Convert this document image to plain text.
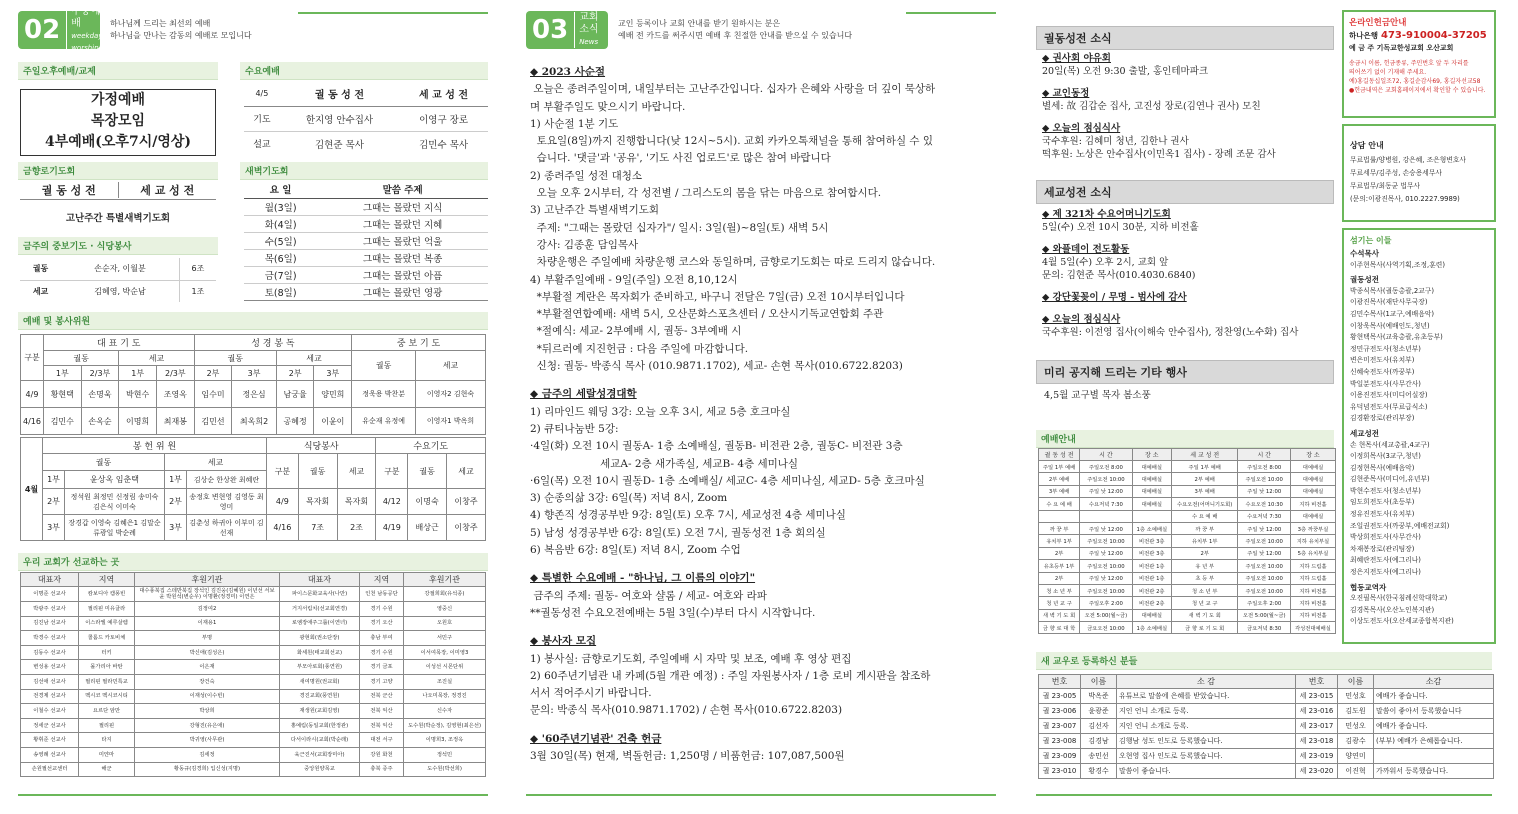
02
주중예배
weekday worship
하나님께 드리는 최선의 예배
하나님을 만나는 감동의 예배로 모입니다
주일오후예배/교제
가정예배
목장모임
4부예배(오후7시/영상)
금향로기도회
궐 동 성 전	세 교 성 전
고난주간 특별새벽기도회
금주의 중보기도 · 식당봉사
궐동	손순자, 이월분	6조
세교	김혜영, 박순남	1조
수요예배
4/5	궐 동 성 전	세 교 성 전
기도	한지영 안수집사	이영구 장로
설교	김현준 목사	김민수 목사
새벽기도회
요 일	말씀 주제
월(3일)	그때는 몰랐던 지식
화(4일)	그때는 몰랐던 지혜
수(5일)	그때는 몰랐던 억울
목(6일)	그때는 몰랐던 복종
금(7일)	그때는 몰랐던 아픔
토(8일)	그때는 몰랐던 영광
예배 및 봉사위원
구분	대 표 기 도				성 경 봉 독				중 보 기 도	
	궐동		세교		궐동		세교		궐동	세교
	1부	2/3부	1부	2/3부	2부	3부	2부	3부		
4/9	황현택	손명욱	박현수	조영옥	임수미	정은심	남궁율	양민희	정욱용 박찬분	이영자2 김현숙
4/16	김민수	손옥순	이명희	최재봉	김민선	최옥희2	공혜정	이윤이	유순재 유정예	이영자1 박옥희
4월	봉 헌 위 원				식당봉사			수요기도		
	궐동		세교		구분	궐동	세교	구분	궐동	세교
	1부	윤상옥 임춘택	1부	김상순 한상완 최혜란						
	2부	정석원 최정민 신정림 송미숙 김은식 이미숙	2부	송정호 변현영 김영동 최영미	4/9	목자회	목자회	4/12	이명숙	이창주
	3부	장경갑 이영숙 김혜은1 김말순 류광일 박순례	3부	김춘성 하귀아 이부미 김선재	4/16	7조	2조	4/19	배상근	이창주
우리 교회가 선교하는 곳
대표자	지역	후원기관	대표자	지역	후원기관
이명준 선교사	캄보디아 캠퐁빈	대수풍북집 스데반북집 장석인 김진웅(김혜원) 이년선 서보윤 박원석(변순우) 이명환(정경미) 이연은	파이스문화교육사(나만)	인천 남동공단	강절희회(유석종)
박광주 선교사	필리핀 미유클라	김정여2	거지서림치(선교회연경)	경기 수원	영중신
김진남 선교사	이스라엘 예루살렘	이재용1	로엠장애주그룹(이연녀)	경기 오산	오원호
박경수 선교사	콜롬드 카토비체	부명	광현회(권소단장)	충남 부여	서민구
김동수 선교사	터키	박신애(김성은)	화세원(태교회선교)	경기 수원	이서여목장, 이미영3
변성용 선교사	몰가리아 바탄	이은재	부모아로회(풍연원)	경기 금포	이성선 시몬단위
김선애 선교사	필리핀 필라민특교	장건숙	새여명원(권교회)	경기 고양	조진실
전경제 선교사	멕시코 멕시코시티	이재성(이수빈)	경진교회(풍연원)	전북 군산	나오미목장, 정경진
이철수 선교사	요르단 암만	박상희	재생원(교회김영)	전북 익산	신수자
정세군 선교사	필리핀	강형진(유은애)	홍예림(동일교회(한정관)	전북 익산	도수원(박순정), 김영현(최은선)
황휘준 선교사	타지	박귀영(사무관)	다서이라시(교회(박순래)	대전 서구	이명희3, 조정옥
송영례 선교사	미얀마	김세정	육근진서(교회장미아)	강원 화천	정석민
손원필선교센터	해군	황동규(김경희) 입신성(지명)	중앙원양목교	충북 증주	도수원(박선희)
03	교회소식
News
교인 등록이나 교회 안내를 받기 원하시는 분은
예배 전 카드를 써주시면 예배 후 친절한 안내를 받으실 수 있습니다
◆ 2023 사순절
오늘은 종려주일이며, 내일부터는 고난주간입니다. 십자가 은혜와 사랑을 더 깊이 묵상하
며 부활주일도 맞으시기 바랍니다.
1) 사순절 1분 기도
토요일(8일)까지 진행합니다(낮 12시~5시). 교회 카카오톡채널을 통해 참여하실 수 있
습니다. '댓글'과 '공유', '기도 사진 업로드'로 많은 참여 바랍니다
2) 종려주일 성전 대청소
오늘 오후 2시부터, 각 성전별 / 그리스도의 몸을 닦는 마음으로 참여합시다.
3) 고난주간 특별새벽기도회
주제: "그때는 몰랐던 십자가"/ 일시: 3일(월)~8일(토) 새벽 5시
강사: 김종훈 담임목사
차량운행은 주일예배 차량운행 코스와 동일하며, 금향로기도회는 따로 드리지 않습니다.
4) 부활주일예배 - 9일(주일) 오전 8,10,12시
*부활절 계란은 목자회가 준비하고, 바구니 전달은 7일(금) 오전 10시부터입니다
*부활절연합예배: 새벽 5시, 오산문화스포츠센터 / 오산시기독교연합회 주관
*절예식: 세교- 2부예배 시, 궐동- 3부예배 시
*뒤르러예 지진헌금 : 다음 주일에 마감합니다.
신청: 궐동- 박종식 목사 (010.9871.1702), 세교- 손현 목사(010.6722.8203)
◆ 금주의 세랄성경대학
1) 리마인드 웨딩 3강: 오늘 오후 3시, 세교 5층 호크마실
2) 큐티나눔반 5강:
·4일(화) 오전 10시 궐동A- 1층 소예배실, 궐동B- 비전관 2층, 궐동C- 비전관 3층
세교A- 2층 새가족실, 세교B- 4층 세미나실
·6일(목) 오전 10시 궐동D- 1층 소예배실/ 세교C- 4층 세미나실, 세교D- 5층 호크마실
3) 순종의삶 3강: 6일(목) 저녁 8시, Zoom
4) 향존직 성경공부반 9강: 8일(토) 오후 7시, 세교성전 4층 세미나실
5) 남성 성경공부반 6강: 8일(토) 오전 7시, 궐동성전 1층 회의실
6) 복음반 6강: 8일(토) 저녁 8시, Zoom 수업
◆ 특별한 수요예배 - "하나님, 그 이름의 이야기"
금주의 주제: 궐동- 여호와 샬롬 / 세교- 여호와 라파
**궐동성전 수요오전예배는 5월 3일(수)부터 다시 시작합니다.
◆ 봉사자 모집
1) 봉사실: 금향로기도회, 주일예배 시 자막 및 보조, 예배 후 영상 편집
2) 60주년기념관 내 카페(5월 개관 예정) : 주일 자원봉사자 / 1층 로비 게시판을 참조하
서서 적어주시기 바랍니다.
문의: 박종식 목사(010.9871.1702) / 손현 목사(010.6722.8203)
◆ '60주년기념관' 건축 헌금
3월 30일(목) 현재, 벽돌헌금: 1,250명 / 비품헌금: 107,087,500원
궐동성전 소식
◆ 권사회 야유회
20일(목) 오전 9:30 출발, 홍인테마파크
◆ 교인동정
별세: 故 김갑순 집사, 고진성 장로(김연나 권사) 모친
◆ 오늘의 점심식사
국수후원: 김혜미 청년, 김한나 권사
떡후원: 노상은 안수집사(이민옥1 집사) - 장례 조문 감사
세교성전 소식
◆ 제 321차 수요어머니기도회
5일(수) 오전 10시 30분, 지하 비전홀
◆ 와플데이 전도활동
4월 5일(수) 오후 2시, 교회 앞
문의: 김현준 목사(010.4030.6840)
◆ 강단꽃꽂이 / 무명 - 범사에 감사
◆ 오늘의 점심식사
국수후원: 이전영 집사(이해숙 안수집사), 정찬영(노수화) 집사
미리 공지해 드리는 기타 행사
4,5월 교구별 목자 봄소풍
예배안내
궐 동 성 전	시 간	장 소	세 교 성 전	시 간	장 소
주일 1부 예배	주일오전 8:00	대예배실	주일 1부 예배	주일오전 8:00	대예배실
2부 예배	주일오전 10:00	대예배실	2부 예배	주일오전 10:00	대예배실
3부 예배	주일 낮 12:00	대예배실	3부 예배	주일 낮 12:00	대예배실
수 요 예 배	수요저녁 7:30	대예배실	수요오전(어머니기도회)	수요오전 10:30	지하 비전홀
			수 요 예 배	수요저녁 7:30	대예배실
까 꿍 부	주일 낮 12:00	1층 소예배실	까 꿍 부	주일 낮 12:00	3층 까꿍부실
유치부 1부	주일오전 10:00	비전관 3층	유치부 1부	주일오전 10:00	지하 유치부실
2부	주일 낮 12:00	비전관 3층	2부	주일 낮 12:00	5층 유치부실
유초등부 1부	주일오전 10:00	비전관 1층	유 년 부	주일오전 10:00	지하 드림홀
2부	주일 낮 12:00	비전관 1층	초 등 부	주일오전 10:00	지하 드림홀
청 소 년 부	주일오전 10:00	비전관 2층	청 소 년 부	주일오전 10:00	지하 비전홀
청 년 교 구	주일오후 2:00	비전관 2층	청 년 교 구	주일오후 2:00	지하 비전홀
새 벽 기 도 회	오전 5:00(월~금)	대예배실	새 벽 기 도 회	오전 5:00(월~금)	지하 비전홀
금 향 로 대 학	금요오전 10:00	1층 소예배실	금 향 로 기 도 회	금요저녁 8:30	각성전대예배실
새 교우로 등록하신 분들
번호	이름	소 감	번호	이름	소감
궐 23-005	박옥준	유튜브로 말씀에 은혜를 받았습니다.	세 23-015	민성호	예배가 좋습니다.
궐 23-006	윤광준	지인 언니 소개로 등록.	세 23-016	김도원	말씀이 좋아서 등록했습니다
궐 23-007	김선자	지인 언니 소개로 등록.	세 23-017	민성오	예배가 좋습니다.
궐 23-008	김경남	김행남 성도 인도로 등록했습니다.	세 23-018	김광수	(부부) 예배가 은혜롭습니다.
궐 23-009	송민선	오현영 집사 인도로 등록했습니다.	세 23-019	양연미	
궐 23-010	황경수	말씀이 좋습니다.	세 23-020	이진혁	가까워서 등록했습니다.
온라인헌금안내
하나은행 473-910004-37205
예 금 주 기독교한성교회 오산교회
송금시 이름, 헌금종류, 주민번호 앞 두 자리를
띄어쓰기 없이 기재해 주세요.
예)홍길동십일조72, 홍길순감사69, 홍길자선교58
●헌금내역은 교회홈페이지에서 확인할 수 있습니다.
상담 안내
무료법률/양병원, 강은혜, 조은형변호사
무료세무/김주성, 손승용세무사
무료법무/최동균 법무사
(문의:이광진목사, 010.2227.9989)
섬기는 이들
수석목사
이주현목사(사역기획,조정,훈련)
궐동성전
박종식목사(궐동총괄,2교구)
이광진목사(재단사무국장)
김민수목사(1교구,예배음악)
이창욱목사(예배인도,청년)
황현택목사(교육총괄,유초등부)
정민규전도사(청소년부)
변은미전도사(유치부)
신혜숙전도사(까꿍부)
박일분전도사(사무간사)
이용진전도사(미디어실장)
유덕념전도사(무료급식소)
김경환장로(관리부장)
세교성전
손 현목사(세교총괄,4교구)
이정희목사(3교구,청년)
김정현목사(예배음악)
김현준목사(미디어,유년부)
박현수전도사(청소년부)
임도희전도사(초등부)
정유진전도사(유치부)
조일권전도사(까꿍부,예배전교회)
박상희전도사(사무간사)
차재봉장로(관리팀장)
최혜란전도사(예그리나)
정은지전도사(예그리나)
협동교역자
오진필목사(한국침례신학대학교)
김경목목사(오산노인복지관)
이상도전도사(오산세교종합복지관)
